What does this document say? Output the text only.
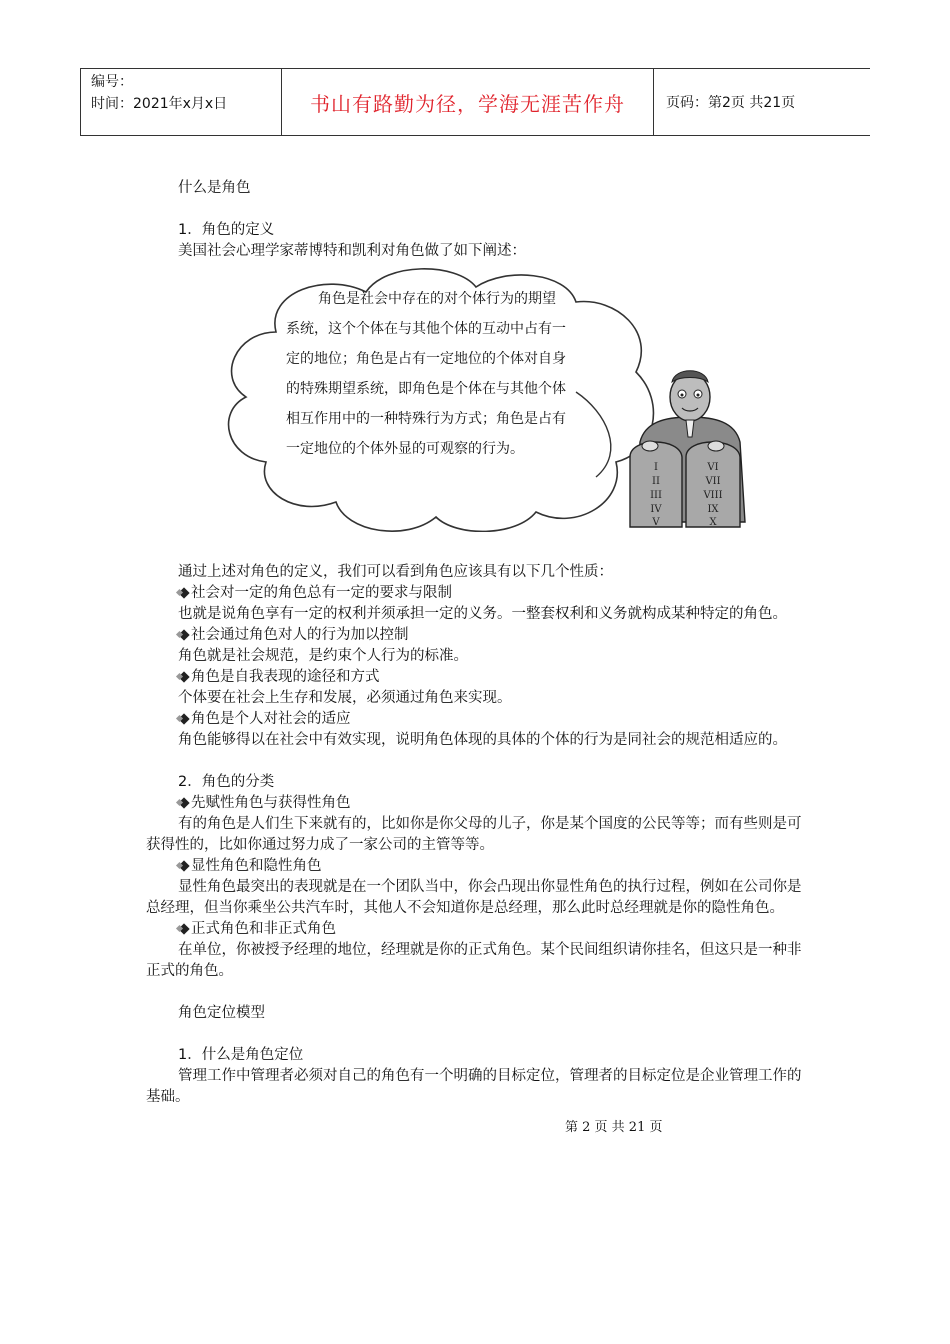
编号：
时间：2021年x月x日	书山有路勤为径，学海无涯苦作舟	页码：第2页 共21页

什么是角色

1．角色的定义

美国社会心理学家蒂博特和凯利对角色做了如下阐述：

角色是社会中存在的对个体行为的期望
系统，这个个体在与其他个体的互动中占有一
定的地位；角色是占有一定地位的个体对自身
的特殊期望系统，即角色是个体在与其他个体
相互作用中的一种特殊行为方式；角色是占有
一定地位的个体外显的可观察的行为。
I
II
III
IV
V
VI
VII
VIII
IX
X

通过上述对角色的定义，我们可以看到角色应该具有以下几个性质：

社会对一定的角色总有一定的要求与限制

也就是说角色享有一定的权利并须承担一定的义务。一整套权利和义务就构成某种特定的角色。

社会通过角色对人的行为加以控制

角色就是社会规范，是约束个人行为的标准。

角色是自我表现的途径和方式

个体要在社会上生存和发展，必须通过角色来实现。

角色是个人对社会的适应

角色能够得以在社会中有效实现，说明角色体现的具体的个体的行为是同社会的规范相适应的。

2．角色的分类

先赋性角色与获得性角色

有的角色是人们生下来就有的，比如你是你父母的儿子，你是某个国度的公民等等；而有些则是可获得性的，比如你通过努力成了一家公司的主管等等。

显性角色和隐性角色

显性角色最突出的表现就是在一个团队当中，你会凸现出你显性角色的执行过程，例如在公司你是总经理，但当你乘坐公共汽车时，其他人不会知道你是总经理，那么此时总经理就是你的隐性角色。

正式角色和非正式角色

在单位，你被授予经理的地位，经理就是你的正式角色。某个民间组织请你挂名，但这只是一种非正式的角色。

角色定位模型

1．什么是角色定位

管理工作中管理者必须对自己的角色有一个明确的目标定位，管理者的目标定位是企业管理工作的基础。

第 2 页 共 21 页
